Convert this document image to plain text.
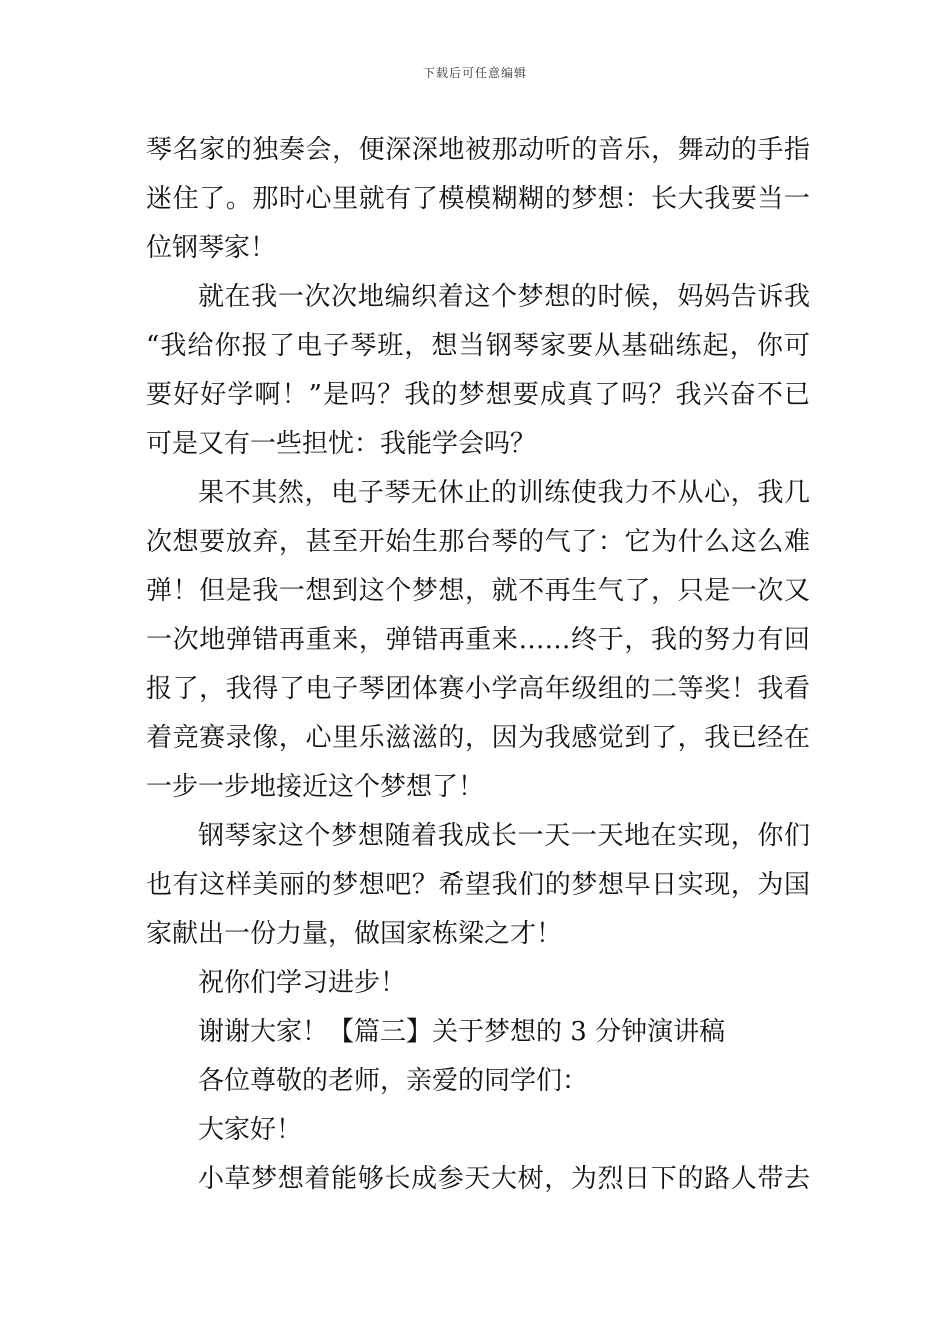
下载后可任意编辑
琴名家的独奏会，便深深地被那动听的音乐，舞动的手指
迷住了。那时心里就有了模模糊糊的梦想：长大我要当一
位钢琴家！
就在我一次次地编织着这个梦想的时候，妈妈告诉我
“我给你报了电子琴班，想当钢琴家要从基础练起，你可
要好好学啊！”是吗？我的梦想要成真了吗？我兴奋不已
可是又有一些担忧：我能学会吗？
果不其然，电子琴无休止的训练使我力不从心，我几
次想要放弃，甚至开始生那台琴的气了：它为什么这么难
弹！但是我一想到这个梦想，就不再生气了，只是一次又
一次地弹错再重来，弹错再重来……终于，我的努力有回
报了，我得了电子琴团体赛小学高年级组的二等奖！我看
着竞赛录像，心里乐滋滋的，因为我感觉到了，我已经在
一步一步地接近这个梦想了！
钢琴家这个梦想随着我成长一天一天地在实现，你们
也有这样美丽的梦想吧？希望我们的梦想早日实现，为国
家献出一份力量，做国家栋梁之才！
祝你们学习进步！
谢谢大家！【篇三】关于梦想的 3 分钟演讲稿
各位尊敬的老师，亲爱的同学们：
大家好！
小草梦想着能够长成参天大树，为烈日下的路人带去
